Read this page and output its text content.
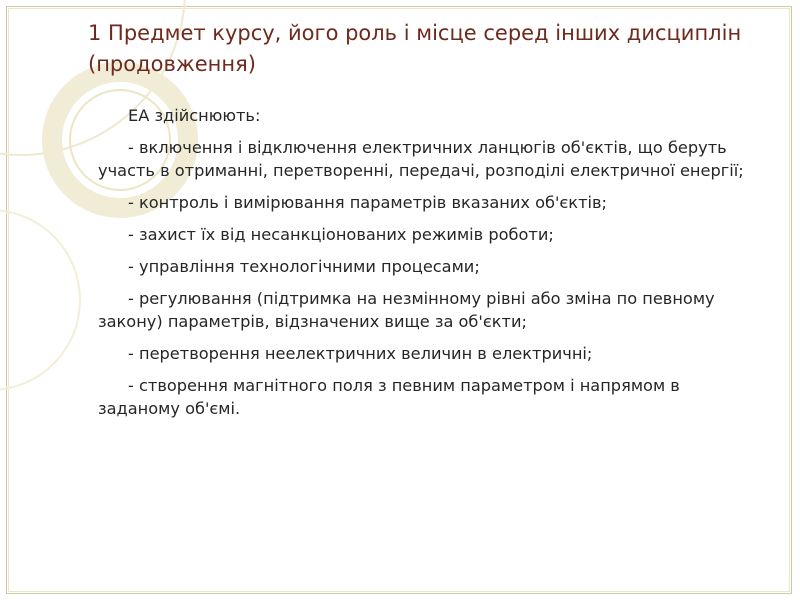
1 Предмет курсу, його роль і місце серед інших дисциплін (продовження)

ЕА здійснюють:

- включення і відключення електричних ланцюгів об'єктів, що беруть участь в отриманні, перетворенні, передачі, розподілі електричної енергії;

- контроль і вимірювання параметрів вказаних об'єктів;

- захист їх від несанкціонованих режимів роботи;

- управління технологічними процесами;

- регулювання (підтримка на незмінному рівні або зміна по певному закону) параметрів, відзначених вище за об'єкти;

- перетворення неелектричних величин в електричні;

- створення магнітного поля з певним параметром і напрямом в заданому об'ємі.
